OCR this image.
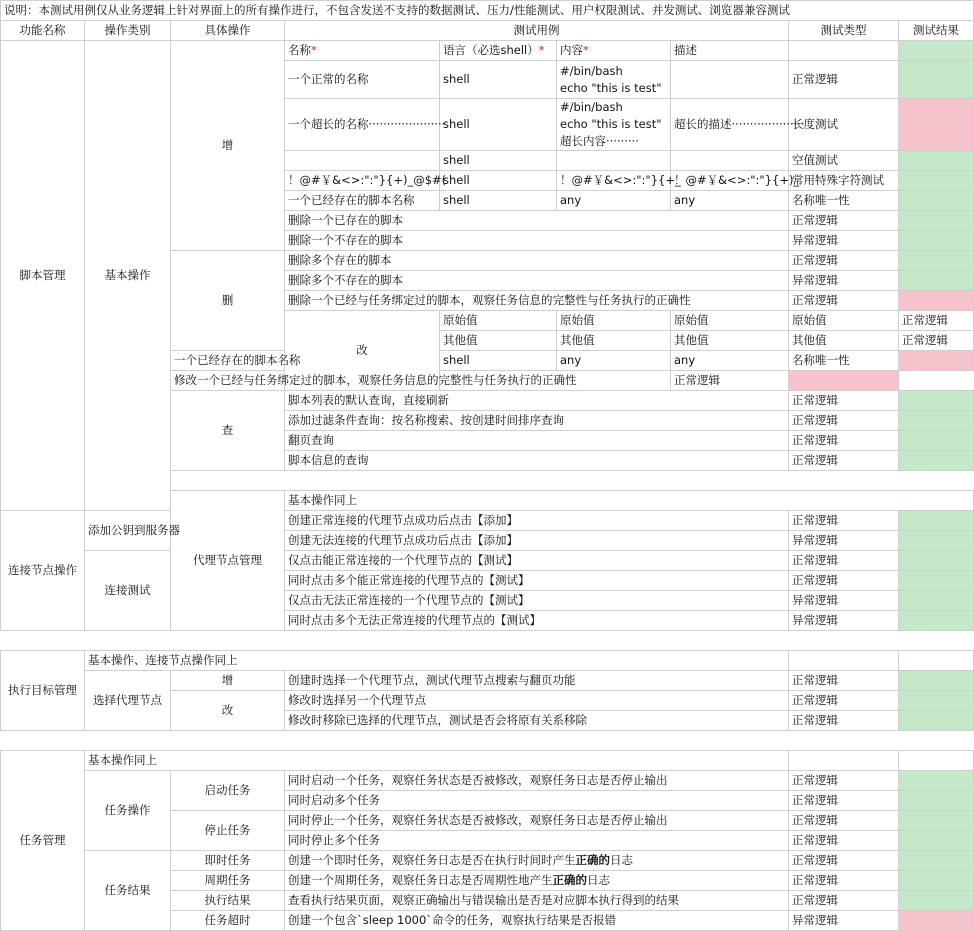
说明：本测试用例仅从业务逻辑上针对界面上的所有操作进行，不包含发送不支持的数据测试、压力/性能测试、用户权限测试、并发测试、浏览器兼容测试									
功能名称	操作类别	具体操作	测试用例				测试类型	测试结果	
脚本管理	基本操作	增	名称*	语言（必选shell）*	内容*	描述			
			一个正常的名称	shell	#/bin/bash
echo "this is test"		正常逻辑		
			一个超长的名称·····················	shell	#/bin/bash
echo "this is test"
超长内容·········	超长的描述····················	长度测试		
				shell			空值测试		
			！@#￥&<>:":"}{+)_@$#(	shell	！@#￥&<>:":"}{+_	！@#￥&<>:":"}{+)_	常用特殊字符测试		
			一个已经存在的脚本名称	shell	any	any	名称唯一性		
			删除一个已存在的脚本				正常逻辑		
			删除一个不存在的脚本				异常逻辑		
		删	删除多个存在的脚本				正常逻辑		
			删除多个不存在的脚本				异常逻辑		
			删除一个已经与任务绑定过的脚本，观察任务信息的完整性与任务执行的正确性				正常逻辑		
			改	原始值	原始值	原始值	原始值	正常逻辑	
				其他值	其他值	其他值	其他值	正常逻辑	
		一个已经存在的脚本名称		shell	any	any	名称唯一性		
		修改一个已经与任务绑定过的脚本，观察任务信息的完整性与任务执行的正确性				正常逻辑			
		查	脚本列表的默认查询，直接刷新				正常逻辑		
			添加过滤条件查询：按名称搜索、按创建时间排序查询				正常逻辑		
			翻页查询				正常逻辑		
			脚本信息的查询				正常逻辑		

		代理节点管理	基本操作同上						
连接节点操作	添加公钥到服务器		创建正常连接的代理节点成功后点击【添加】				正常逻辑		
			创建无法连接的代理节点成功后点击【添加】				异常逻辑		
	连接测试		仅点击能正常连接的一个代理节点的【测试】				正常逻辑		
			同时点击多个能正常连接的代理节点的【测试】				正常逻辑		
			仅点击无法正常连接的一个代理节点的【测试】				异常逻辑		
			同时点击多个无法正常连接的代理节点的【测试】				异常逻辑		

执行目标管理	基本操作、连接节点操作同上								
	选择代理节点	增	创建时选择一个代理节点，测试代理节点搜索与翻页功能				正常逻辑		
		改	修改时选择另一个代理节点				正常逻辑		
			修改时移除已选择的代理节点，测试是否会将原有关系移除				正常逻辑		

任务管理	基本操作同上								
	任务操作	启动任务	同时启动一个任务，观察任务状态是否被修改，观察任务日志是否停止输出				正常逻辑		
			同时启动多个任务				正常逻辑		
		停止任务	同时停止一个任务，观察任务状态是否被修改，观察任务日志是否停止输出				正常逻辑		
			同时停止多个任务				正常逻辑		
	任务结果	即时任务	创建一个即时任务，观察任务日志是否在执行时间时产生正确的日志				正常逻辑		
		周期任务	创建一个周期任务，观察任务日志是否周期性地产生正确的日志				正常逻辑		
		执行结果	查看执行结果页面，观察正确输出与错误输出是否是对应脚本执行得到的结果				正常逻辑		
		任务超时	创建一个包含`sleep 1000`命令的任务，观察执行结果是否报错				异常逻辑		
